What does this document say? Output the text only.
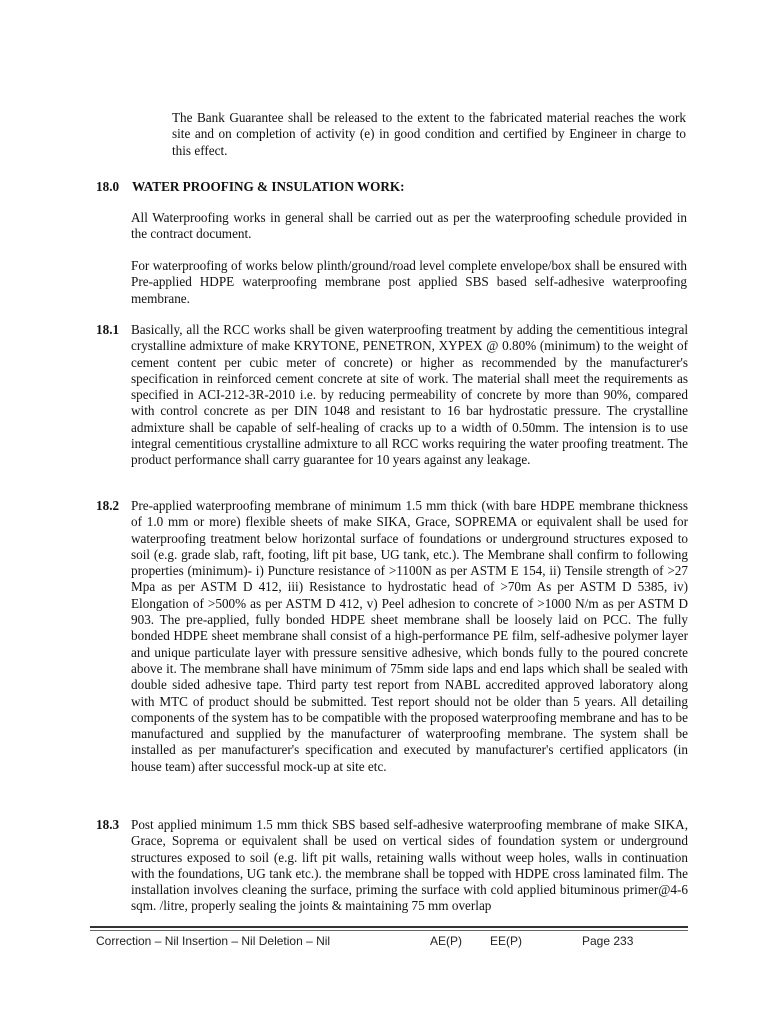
The Bank Guarantee shall be released to the extent to the fabricated material reaches the work site and on completion of activity (e) in good condition and certified by Engineer in charge to this effect.

18.0 WATER PROOFING & INSULATION WORK:

All Waterproofing works in general shall be carried out as per the waterproofing schedule provided in the contract document.

For waterproofing of works below plinth/ground/road level complete envelope/box shall be ensured with Pre-applied HDPE waterproofing membrane post applied SBS based self-adhesive waterproofing membrane.

18.1 Basically, all the RCC works shall be given waterproofing treatment by adding the cementitious integral crystalline admixture of make KRYTONE, PENETRON, XYPEX @ 0.80% (minimum) to the weight of cement content per cubic meter of concrete) or higher as recommended by the manufacturer's specification in reinforced cement concrete at site of work. The material shall meet the requirements as specified in ACI-212-3R-2010 i.e. by reducing permeability of concrete by more than 90%, compared with control concrete as per DIN 1048 and resistant to 16 bar hydrostatic pressure. The crystalline admixture shall be capable of self-healing of cracks up to a width of 0.50mm. The intension is to use integral cementitious crystalline admixture to all RCC works requiring the water proofing treatment. The product performance shall carry guarantee for 10 years against any leakage.

18.2 Pre-applied waterproofing membrane of minimum 1.5 mm thick (with bare HDPE membrane thickness of 1.0 mm or more) flexible sheets of make SIKA, Grace, SOPREMA or equivalent shall be used for waterproofing treatment below horizontal surface of foundations or underground structures exposed to soil (e.g. grade slab, raft, footing, lift pit base, UG tank, etc.). The Membrane shall confirm to following properties (minimum)- i) Puncture resistance of >1100N as per ASTM E 154, ii) Tensile strength of >27 Mpa as per ASTM D 412, iii) Resistance to hydrostatic head of >70m As per ASTM D 5385, iv) Elongation of >500% as per ASTM D 412, v) Peel adhesion to concrete of >1000 N/m as per ASTM D 903. The pre-applied, fully bonded HDPE sheet membrane shall be loosely laid on PCC. The fully bonded HDPE sheet membrane shall consist of a high-performance PE film, self-adhesive polymer layer and unique particulate layer with pressure sensitive adhesive, which bonds fully to the poured concrete above it. The membrane shall have minimum of 75mm side laps and end laps which shall be sealed with double sided adhesive tape. Third party test report from NABL accredited approved laboratory along with MTC of product should be submitted. Test report should not be older than 5 years. All detailing components of the system has to be compatible with the proposed waterproofing membrane and has to be manufactured and supplied by the manufacturer of waterproofing membrane. The system shall be installed as per manufacturer's specification and executed by manufacturer's certified applicators (in house team) after successful mock-up at site etc.

18.3 Post applied minimum 1.5 mm thick SBS based self-adhesive waterproofing membrane of make SIKA, Grace, Soprema or equivalent shall be used on vertical sides of foundation system or underground structures exposed to soil (e.g. lift pit walls, retaining walls without weep holes, walls in continuation with the foundations, UG tank etc.). the membrane shall be topped with HDPE cross laminated film. The installation involves cleaning the surface, priming the surface with cold applied bituminous primer@4-6 sqm. /litre, properly sealing the joints & maintaining 75 mm overlap

Correction – Nil Insertion – Nil Deletion – Nil	AE(P) EE(P)	Page 233
